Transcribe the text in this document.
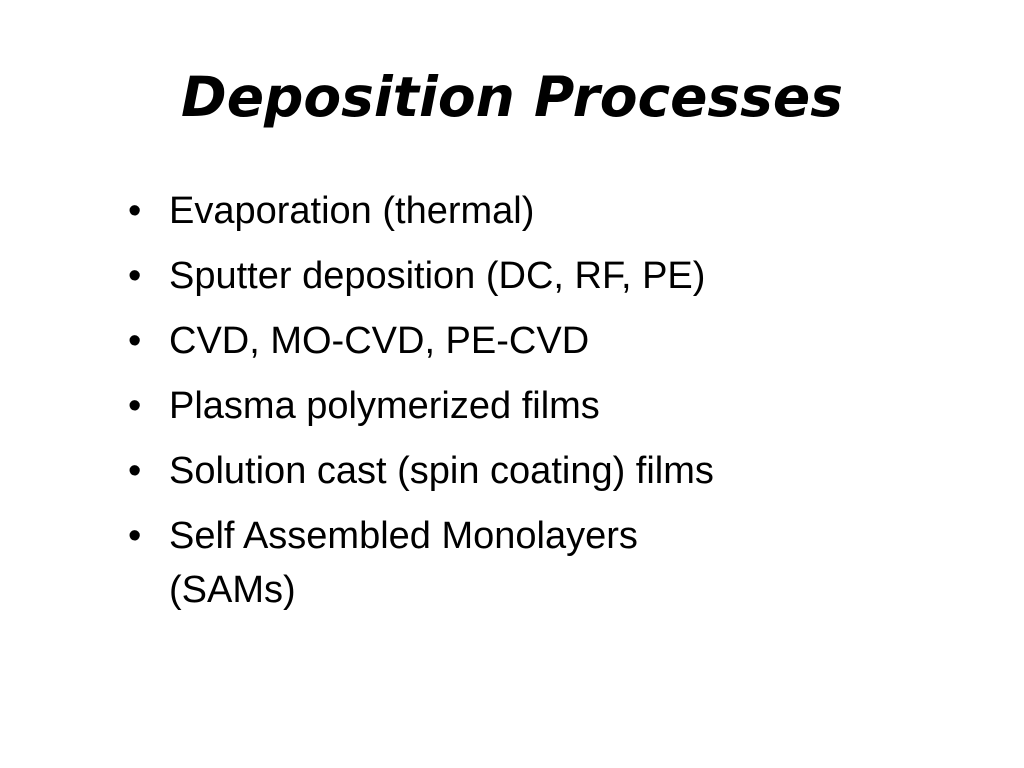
Deposition Processes
• Evaporation (thermal)
• Sputter deposition (DC, RF, PE)
• CVD, MO-CVD, PE-CVD
• Plasma polymerized films
• Solution cast (spin coating) films
• Self Assembled Monolayers (SAMs)
